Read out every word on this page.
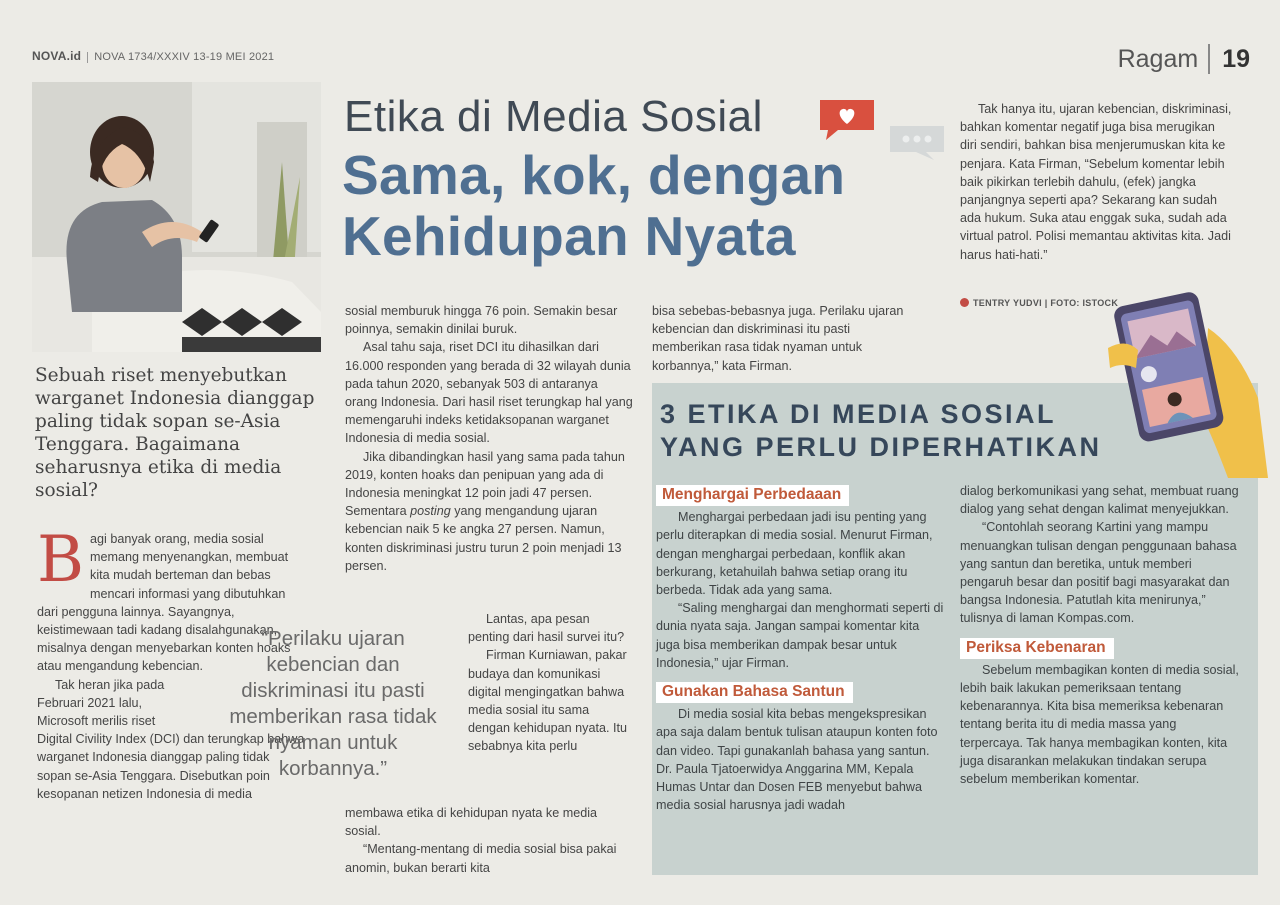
NOVA.id NOVA 1734/XXXIV 13-19 MEI 2021	Ragam 19
Etika di Media Sosial
Sama, kok, dengan
Kehidupan Nyata
Sebuah riset menyebutkan warganet Indonesia dianggap paling tidak sopan se-Asia Tenggara. Bagaimana seharusnya etika di media sosial?
B agi banyak orang, media sosial memang menyenangkan, membuat kita mudah berteman dan bebas mencari informasi yang dibutuhkan dari pengguna lainnya. Sayangnya, keistimewaan tadi kadang disalahgunakan, misalnya dengan menyebarkan konten hoaks atau mengandung kebencian.

Tak heran jika pada Februari 2021 lalu, Microsoft merilis riset

Digital Civility Index (DCI) dan terungkap bahwa warganet Indonesia dianggap paling tidak sopan se-Asia Tenggara. Disebutkan poin kesopanan netizen Indonesia di media

sosial memburuk hingga 76 poin. Semakin besar poinnya, semakin dinilai buruk.

Asal tahu saja, riset DCI itu dihasilkan dari 16.000 responden yang berada di 32 wilayah dunia pada tahun 2020, sebanyak 503 di antaranya orang Indonesia. Dari hasil riset terungkap hal yang memengaruhi indeks ketidaksopanan warganet Indonesia di media sosial.

Jika dibandingkan hasil yang sama pada tahun 2019, konten hoaks dan penipuan yang ada di Indonesia meningkat 12 poin jadi 47 persen. Sementara posting yang mengandung ujaran kebencian naik 5 ke angka 27 persen. Namun, konten diskriminasi justru turun 2 poin menjadi 13 persen.

Lantas, apa pesan penting dari hasil survei itu?

Firman Kurniawan, pakar budaya dan komunikasi digital mengingatkan bahwa media sosial itu sama dengan kehidupan nyata. Itu sebabnya kita perlu

membawa etika di kehidupan nyata ke media sosial.

“Mentang-mentang di media sosial bisa pakai anomin, bukan berarti kita

“Perilaku ujaran kebencian dan diskriminasi itu pasti memberikan rasa tidak nyaman untuk korbannya.”

bisa sebebas-bebasnya juga. Perilaku ujaran kebencian dan diskriminasi itu pasti memberikan rasa tidak nyaman untuk korbannya,” kata Firman.

Tak hanya itu, ujaran kebencian, diskriminasi, bahkan komentar negatif juga bisa merugikan diri sendiri, bahkan bisa menjerumuskan kita ke penjara. Kata Firman, “Sebelum komentar lebih baik pikirkan terlebih dahulu, (efek) jangka panjangnya seperti apa? Sekarang kan sudah ada hukum. Suka atau enggak suka, sudah ada virtual patrol. Polisi memantau aktivitas kita. Jadi harus hati-hati.”

TENTRY YUDVI | FOTO: ISTOCK
3 ETIKA DI MEDIA SOSIAL
YANG PERLU DIPERHATIKAN
Menghargai Perbedaaan

Menghargai perbedaan jadi isu penting yang perlu diterapkan di media sosial. Menurut Firman, dengan menghargai perbedaan, konflik akan berkurang, ketahuilah bahwa setiap orang itu berbeda. Tidak ada yang sama.

“Saling menghargai dan menghormati seperti di dunia nyata saja. Jangan sampai komentar kita juga bisa memberikan dampak besar untuk Indonesia,” ujar Firman.

Gunakan Bahasa Santun

Di media sosial kita bebas mengekspresikan apa saja dalam bentuk tulisan ataupun konten foto dan video. Tapi gunakanlah bahasa yang santun. Dr. Paula Tjatoerwidya Anggarina MM, Kepala Humas Untar dan Dosen FEB menyebut bahwa media sosial harusnya jadi wadah

dialog berkomunikasi yang sehat, membuat ruang dialog yang sehat dengan kalimat menyejukkan.

“Contohlah seorang Kartini yang mampu menuangkan tulisan dengan penggunaan bahasa yang santun dan beretika, untuk memberi pengaruh besar dan positif bagi masyarakat dan bangsa Indonesia. Patutlah kita menirunya,” tulisnya di laman Kompas.com.

Periksa Kebenaran

Sebelum membagikan konten di media sosial, lebih baik lakukan pemeriksaan tentang kebenarannya. Kita bisa memeriksa kebenaran tentang berita itu di media massa yang terpercaya. Tak hanya membagikan konten, kita juga disarankan melakukan tindakan serupa sebelum memberikan komentar.
